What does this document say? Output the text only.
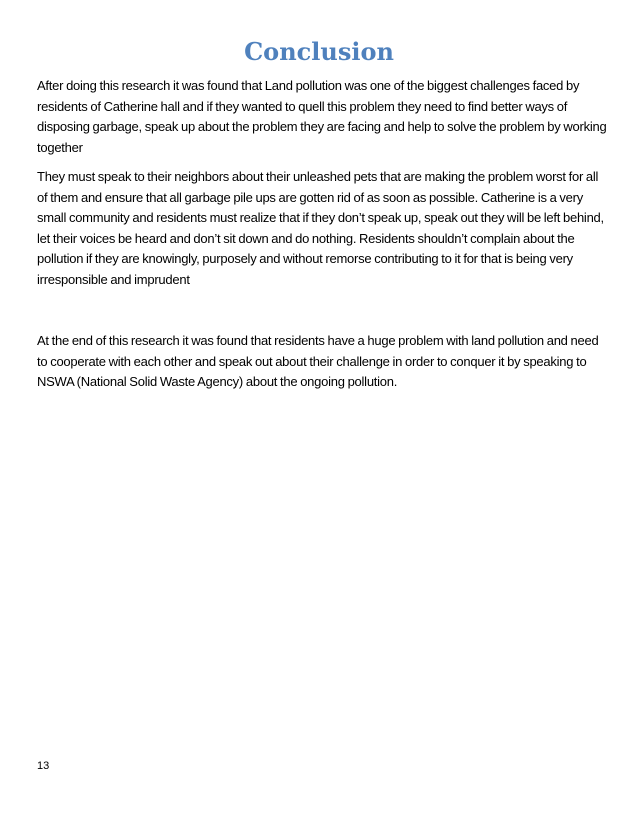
Conclusion

After doing this research it was found that Land pollution was one of the biggest challenges faced by residents of Catherine hall and if they wanted to quell this problem they need to find better ways of disposing garbage, speak up about the problem they are facing and help to solve the problem by working together

They must speak to their neighbors about their unleashed pets that are making the problem worst for all of them and ensure that all garbage pile ups are gotten rid of as soon as possible. Catherine is a very small community and residents must realize that if they don’t speak up, speak out they will be left behind, let their voices be heard and don’t sit down and do nothing. Residents shouldn’t complain about the pollution if they are knowingly, purposely and without remorse contributing to it for that is being very irresponsible and imprudent

At the end of this research it was found that residents have a huge problem with land pollution and need to cooperate with each other and speak out about their challenge in order to conquer it by speaking to NSWA (National Solid Waste Agency) about the ongoing pollution.

13
